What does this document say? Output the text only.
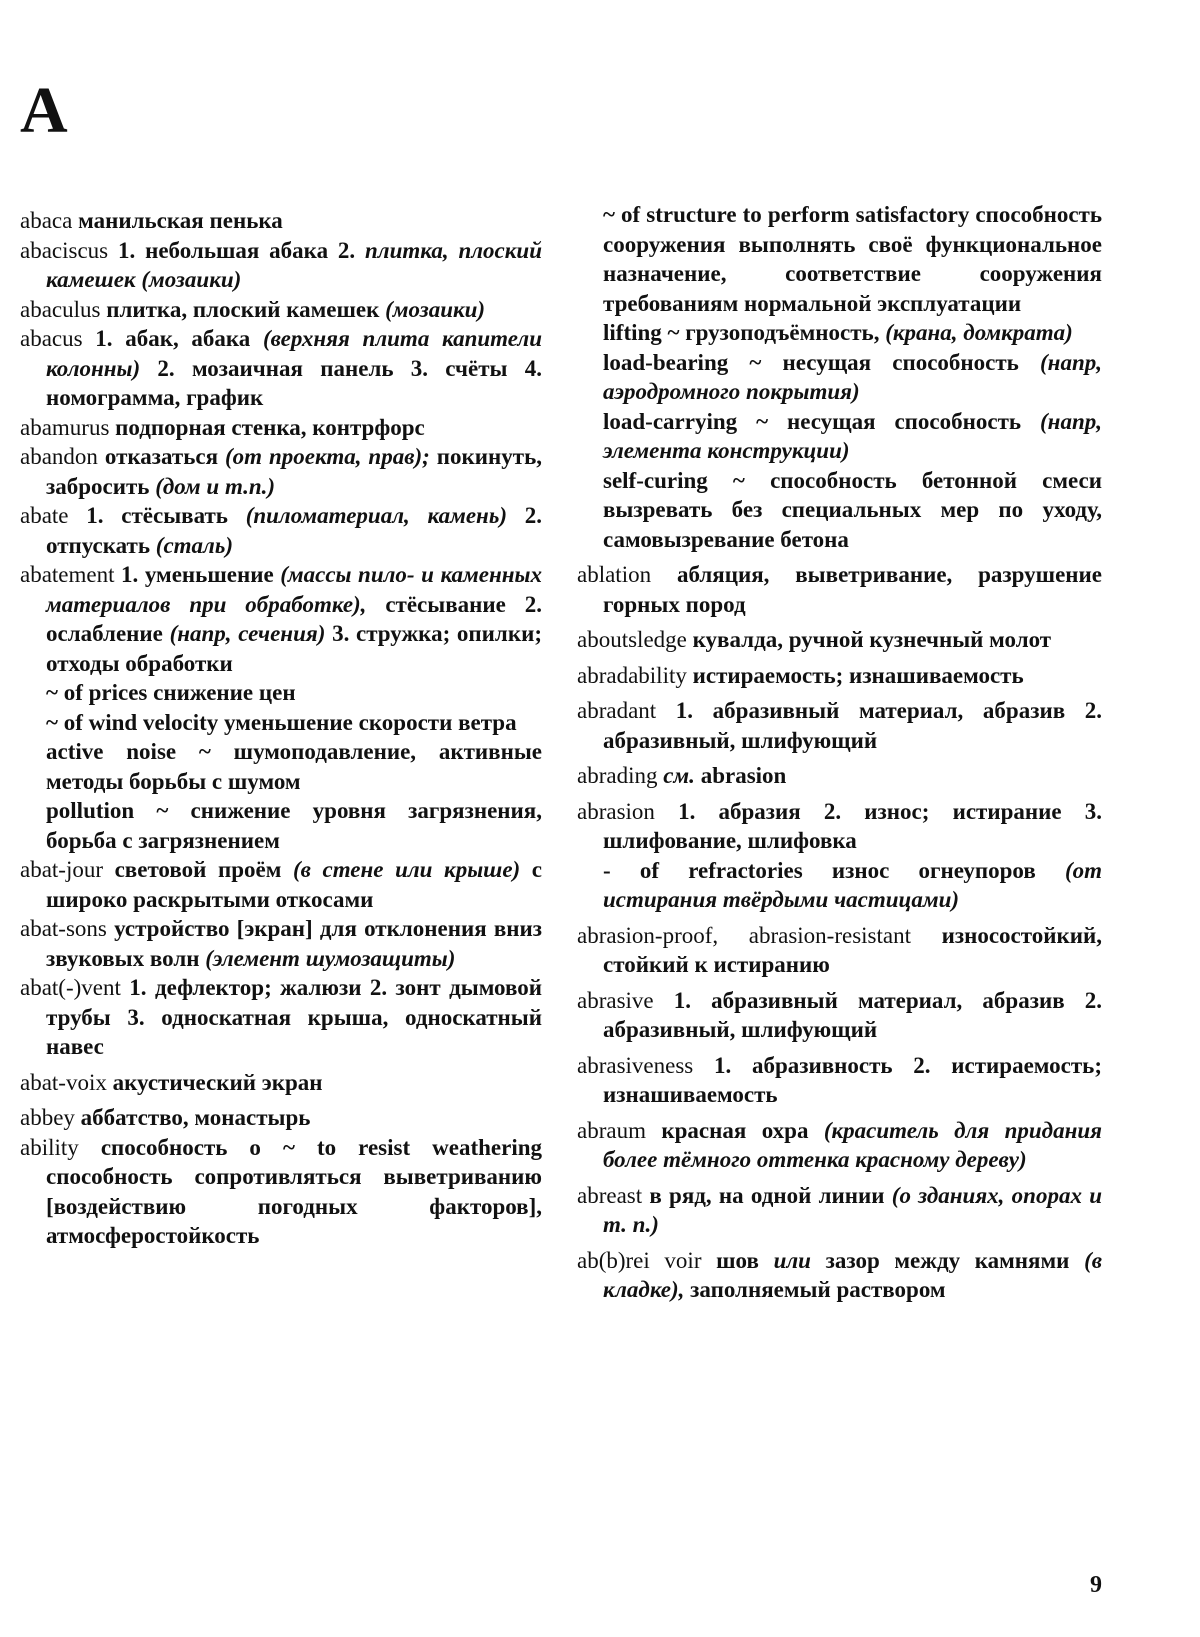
A

abaca манильская пенька

abaciscus 1. небольшая абака 2. плитка, плоский камешек (мозаики)

abaculus плитка, плоский камешек (мозаики)

abacus 1. абак, абака (верхняя плита капители колонны) 2. мозаичная панель 3. счёты 4. номограмма, график

abamurus подпорная стенка, контрфорс

abandon отказаться (от проекта, прав); покинуть, забросить (дом и т.п.)

abate 1. стёсывать (пиломатериал, камень) 2. отпускать (сталь)

abatement 1. уменьшение (массы пило- и каменных материалов при обработке), стёсывание 2. ослабление (напр, сечения) 3. стружка; опилки; отходы обработки

~ of prices снижение цен

~ of wind velocity уменьшение скорости ветра

active noise ~ шумоподавление, активные методы борьбы с шумом

pollution ~ снижение уровня загрязнения, борьба с загрязнением

abat-jour световой проём (в стене или крыше) с широко раскрытыми откосами

abat-sons устройство [экран] для отклонения вниз звуковых волн (элемент шумозащиты)

abat(-)vent 1. дефлектор; жалюзи 2. зонт дымовой трубы 3. односкатная крыша, односкатный навес

abat-voix акустический экран

abbey аббатство, монастырь

ability способность o ~ to resist weathering способность сопротивляться выветриванию [воздействию погодных факторов], атмосферостойкость

~ of structure to perform satisfactory способность сооружения выполнять своё функциональное назначение, соответствие сооружения требованиям нормальной эксплуатации

lifting ~ грузоподъёмность, (крана, домкрата)

load-bearing ~ несущая способность (напр, аэродромного покрытия)

load-carrying ~ несущая способность (напр, элемента конструкции)

self-curing ~ способность бетонной смеси вызревать без специальных мер по уходу, самовызревание бетона

ablation абляция, выветривание, разрушение горных пород

aboutsledge кувалда, ручной кузнечный молот

abradability истираемость; изнашиваемость

abradant 1. абразивный материал, абразив 2. абразивный, шлифующий

abrading см. abrasion

abrasion 1. абразия 2. износ; истирание 3. шлифование, шлифовка

- of refractories износ огнеупоров (от истирания твёрдыми частицами)

abrasion-proof, abrasion-resistant износостойкий, стойкий к истиранию

abrasive 1. абразивный материал, абразив 2. абразивный, шлифующий

abrasiveness 1. абразивность 2. истираемость; изнашиваемость

abraum красная охра (краситель для придания более тёмного оттенка красному дереву)

abreast в ряд, на одной линии (о зданиях, опорах и т. п.)

ab(b)rei voir шов или зазор между камнями (в кладке), заполняемый раствором

9
